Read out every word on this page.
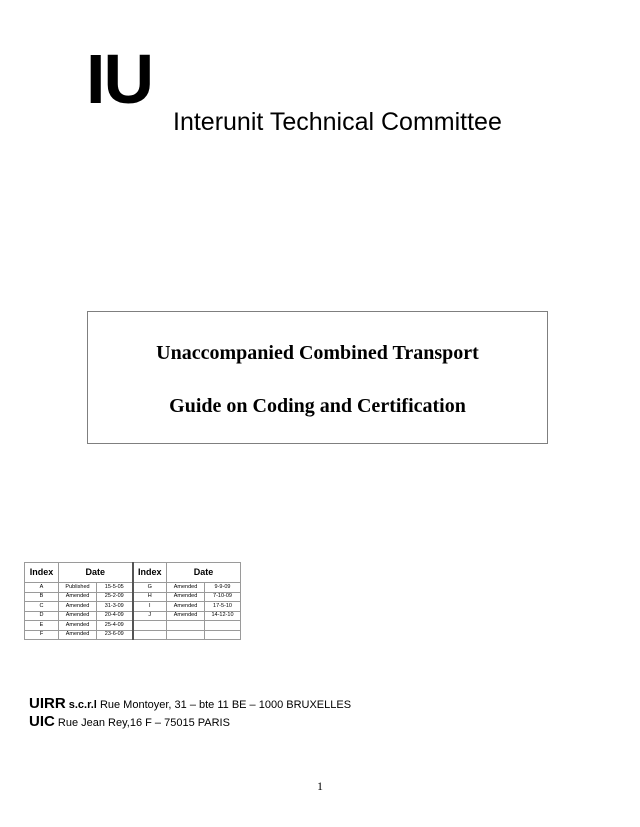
IU
Interunit Technical Committee
Unaccompanied Combined Transport
Guide on Coding and Certification
Index	Date		Index	Date	
A	Published	15-5-05	G	Amended	9-9-09
B	Amended	25-2-09	H	Amended	7-10-09
C	Amended	31-3-09	I	Amended	17-5-10
D	Amended	20-4-09	J	Amended	14-12-10
E	Amended	25-4-09			
F	Amended	23-6-09			
UIRR s.c.r.l Rue Montoyer, 31 – bte 11 BE – 1000 BRUXELLES
UIC Rue Jean Rey,16 F – 75015 PARIS
1
